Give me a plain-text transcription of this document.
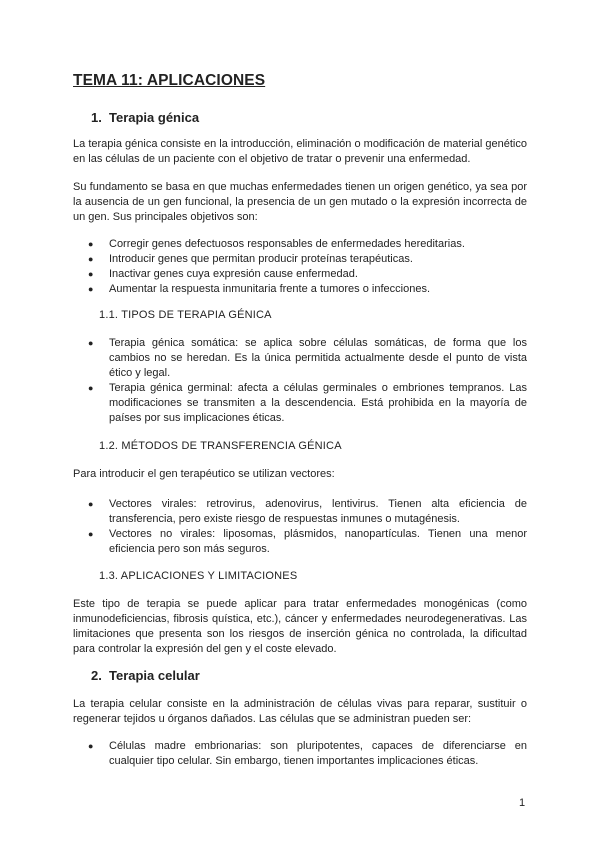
TEMA 11: APLICACIONES
1. Terapia génica

La terapia génica consiste en la introducción, eliminación o modificación de material genético en las células de un paciente con el objetivo de tratar o prevenir una enfermedad.

Su fundamento se basa en que muchas enfermedades tienen un origen genético, ya sea por la ausencia de un gen funcional, la presencia de un gen mutado o la expresión incorrecta de un gen. Sus principales objetivos son:

● Corregir genes defectuosos responsables de enfermedades hereditarias.
● Introducir genes que permitan producir proteínas terapéuticas.
● Inactivar genes cuya expresión cause enfermedad.
● Aumentar la respuesta inmunitaria frente a tumores o infecciones.
1.1. TIPOS DE TERAPIA GÉNICA
● Terapia génica somática: se aplica sobre células somáticas, de forma que los cambios no se heredan. Es la única permitida actualmente desde el punto de vista ético y legal.
● Terapia génica germinal: afecta a células germinales o embriones tempranos. Las modificaciones se transmiten a la descendencia. Está prohibida en la mayoría de países por sus implicaciones éticas.
1.2. MÉTODOS DE TRANSFERENCIA GÉNICA

Para introducir el gen terapéutico se utilizan vectores:

● Vectores virales: retrovirus, adenovirus, lentivirus. Tienen alta eficiencia de transferencia, pero existe riesgo de respuestas inmunes o mutagénesis.
● Vectores no virales: liposomas, plásmidos, nanopartículas. Tienen una menor eficiencia pero son más seguros.
1.3. APLICACIONES Y LIMITACIONES

Este tipo de terapia se puede aplicar para tratar enfermedades monogénicas (como inmunodeficiencias, fibrosis quística, etc.), cáncer y enfermedades neurodegenerativas. Las limitaciones que presenta son los riesgos de inserción génica no controlada, la dificultad para controlar la expresión del gen y el coste elevado.

2. Terapia celular

La terapia celular consiste en la administración de células vivas para reparar, sustituir o regenerar tejidos u órganos dañados. Las células que se administran pueden ser:

● Células madre embrionarias: son pluripotentes, capaces de diferenciarse en cualquier tipo celular. Sin embargo, tienen importantes implicaciones éticas.
1
